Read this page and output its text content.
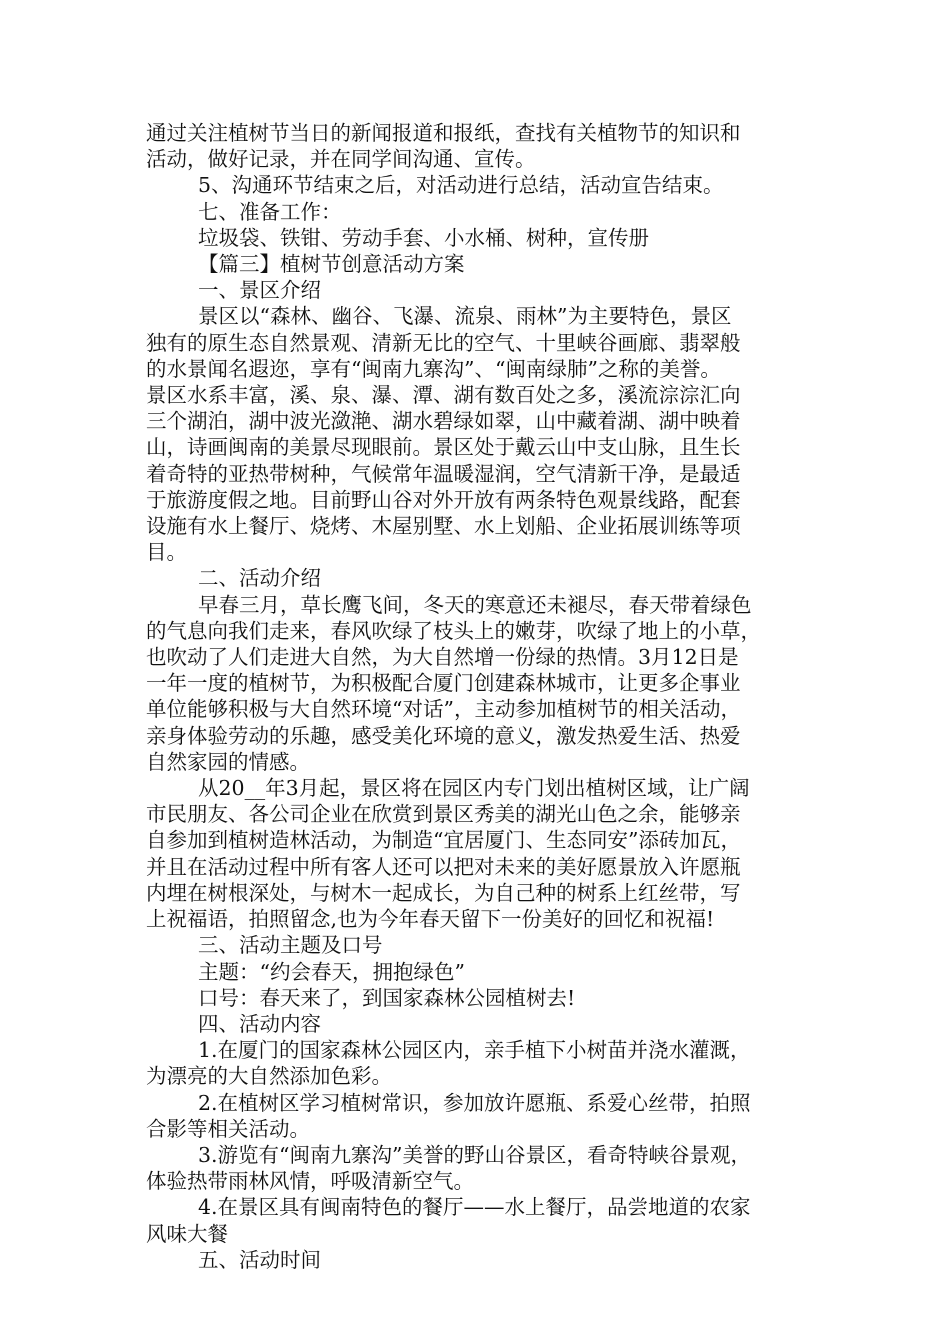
通过关注植树节当日的新闻报道和报纸，查找有关植物节的知识和

活动，做好记录，并在同学间沟通、宣传。

5、沟通环节结束之后，对活动进行总结，活动宣告结束。

七、准备工作：

垃圾袋、铁钳、劳动手套、小水桶、树种，宣传册

【篇三】植树节创意活动方案

一、景区介绍

景区以“森林、幽谷、飞瀑、流泉、雨林”为主要特色，景区

独有的原生态自然景观、清新无比的空气、十里峡谷画廊、翡翠般

的水景闻名遐迩，享有“闽南九寨沟”、“闽南绿肺”之称的美誉。

景区水系丰富，溪、泉、瀑、潭、湖有数百处之多，溪流淙淙汇向

三个湖泊，湖中波光潋滟、湖水碧绿如翠，山中藏着湖、湖中映着

山，诗画闽南的美景尽现眼前。景区处于戴云山中支山脉，且生长

着奇特的亚热带树种，气候常年温暖湿润，空气清新干净，是最适

于旅游度假之地。目前野山谷对外开放有两条特色观景线路，配套

设施有水上餐厅、烧烤、木屋别墅、水上划船、企业拓展训练等项

目。

二、活动介绍

早春三月，草长鹰飞间，冬天的寒意还未褪尽，春天带着绿色

的气息向我们走来，春风吹绿了枝头上的嫩芽，吹绿了地上的小草，

也吹动了人们走进大自然，为大自然增一份绿的热情。3月12日是

一年一度的植树节，为积极配合厦门创建森林城市，让更多企事业

单位能够积极与大自然环境“对话”，主动参加植树节的相关活动，

亲身体验劳动的乐趣，感受美化环境的意义，激发热爱生活、热爱

自然家园的情感。

从20__年3月起，景区将在园区内专门划出植树区域，让广阔

市民朋友、各公司企业在欣赏到景区秀美的湖光山色之余，能够亲

自参加到植树造林活动，为制造“宜居厦门、生态同安”添砖加瓦，

并且在活动过程中所有客人还可以把对未来的美好愿景放入许愿瓶

内埋在树根深处，与树木一起成长，为自己种的树系上红丝带，写

上祝福语，拍照留念,也为今年春天留下一份美好的回忆和祝福!

三、活动主题及口号

主题：“约会春天，拥抱绿色”

口号：春天来了，到国家森林公园植树去!

四、活动内容

1.在厦门的国家森林公园区内，亲手植下小树苗并浇水灌溉，

为漂亮的大自然添加色彩。

2.在植树区学习植树常识，参加放许愿瓶、系爱心丝带，拍照

合影等相关活动。

3.游览有“闽南九寨沟”美誉的野山谷景区，看奇特峡谷景观，

体验热带雨林风情，呼吸清新空气。

4.在景区具有闽南特色的餐厅——水上餐厅，品尝地道的农家

风味大餐

五、活动时间
